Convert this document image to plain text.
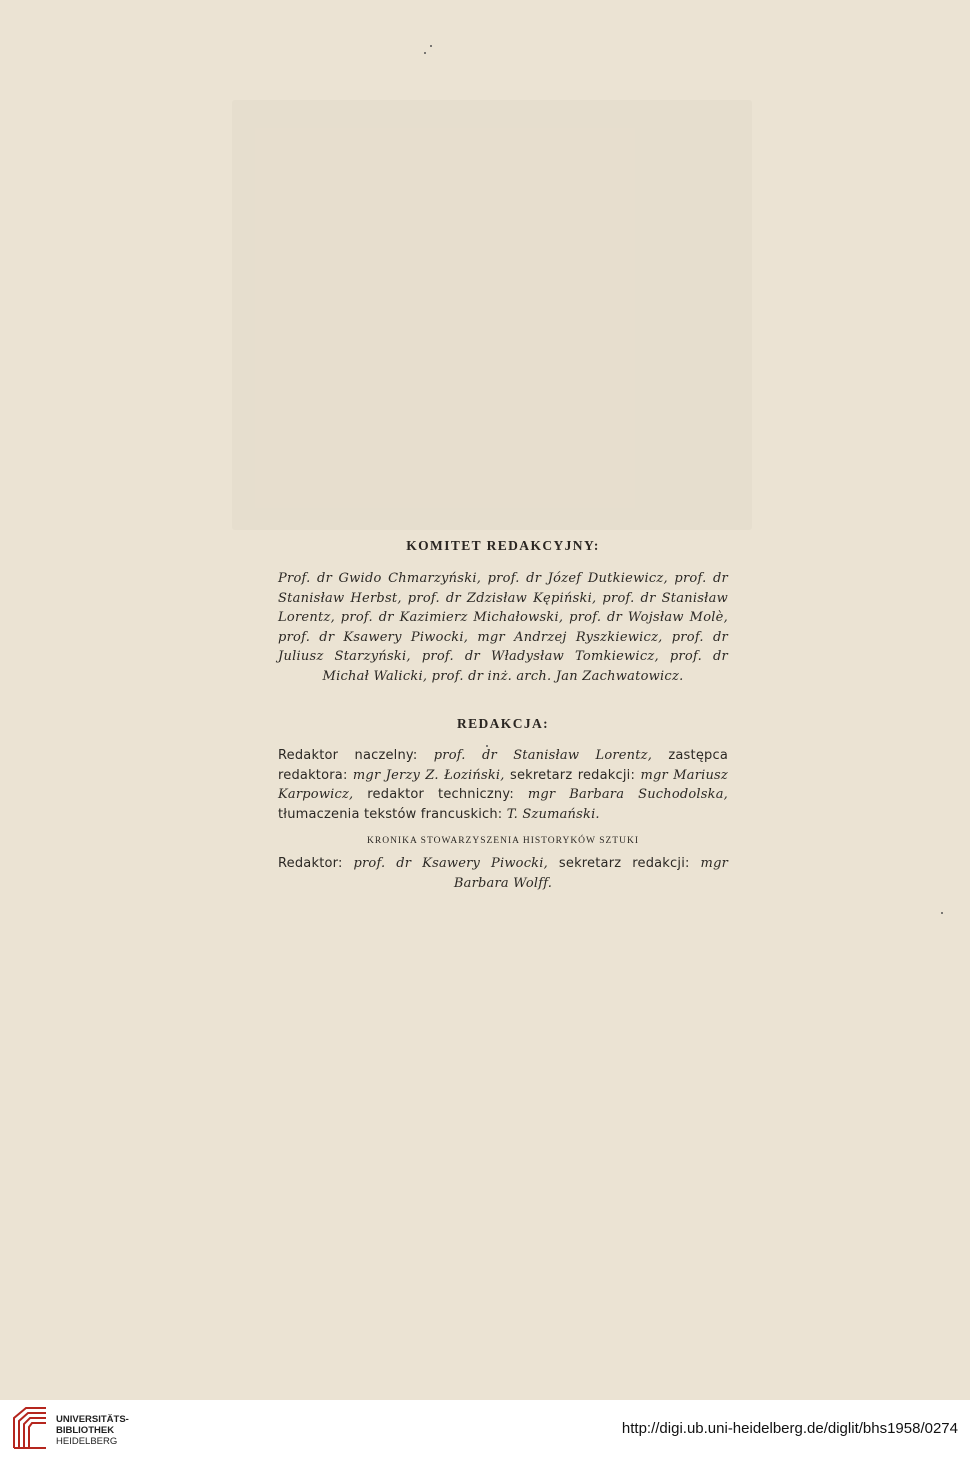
KOMITET REDAKCYJNY:

Prof. dr Gwido Chmarzyński, prof. dr Józef Dutkiewicz, prof. dr Stanisław Herbst, prof. dr Zdzisław Kępiński, prof. dr Stanisław Lorentz, prof. dr Kazimierz Michałowski, prof. dr Wojsław Molè, prof. dr Ksawery Piwocki, mgr Andrzej Ryszkiewicz, prof. dr Juliusz Starzyński, prof. dr Władysław Tomkiewicz, prof. dr Michał Walicki, prof. dr inż. arch. Jan Zachwatowicz.

REDAKCJA:

Redaktor naczelny: prof. dr Stanisław Lorentz, zastępca redaktora: mgr Jerzy Z. Łoziński, sekretarz redakcji: mgr Mariusz Karpowicz, redaktor techniczny: mgr Barbara Suchodolska, tłumaczenia tekstów francuskich: T. Szumański.

KRONIKA STOWARZYSZENIA HISTORYKÓW SZTUKI

Redaktor: prof. dr Ksawery Piwocki, sekretarz redakcji: mgr Barbara Wolff.

UNIVERSITÄTS-
BIBLIOTHEK
HEIDELBERG
http://digi.ub.uni-heidelberg.de/diglit/bhs1958/0274
